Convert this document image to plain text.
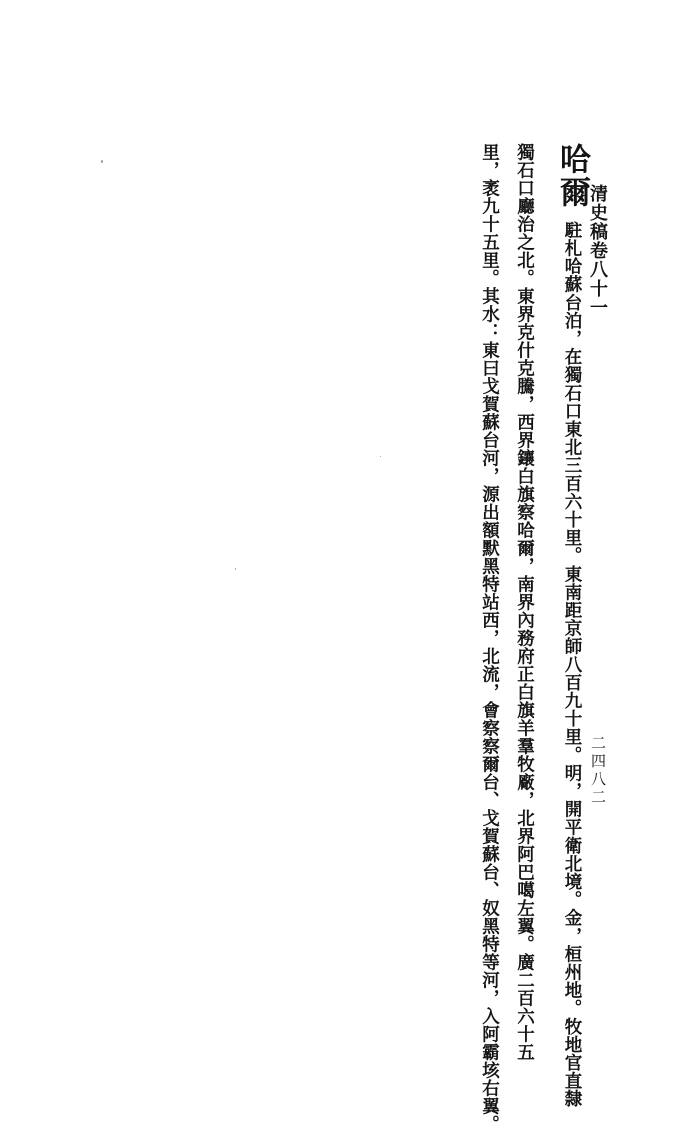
清史稿卷八十一
二四八二
哈爾駐札哈蘇台泊，在獨石口東北三百六十里。東南距京師八百九十里。明，開平衛北境。金，桓州地。牧地官直隸
獨石口廳治之北。東界克什克騰，西界鑲白旗察哈爾，南界內務府正白旗羊羣牧廠，北界阿巴噶左翼。廣二百六十五
里，袤九十五里。其水：東曰戈賀蘇台河，源出額默黑特站西，北流，會察察爾台、戈賀蘇台、奴黑特等河，入阿霸垓右翼。
